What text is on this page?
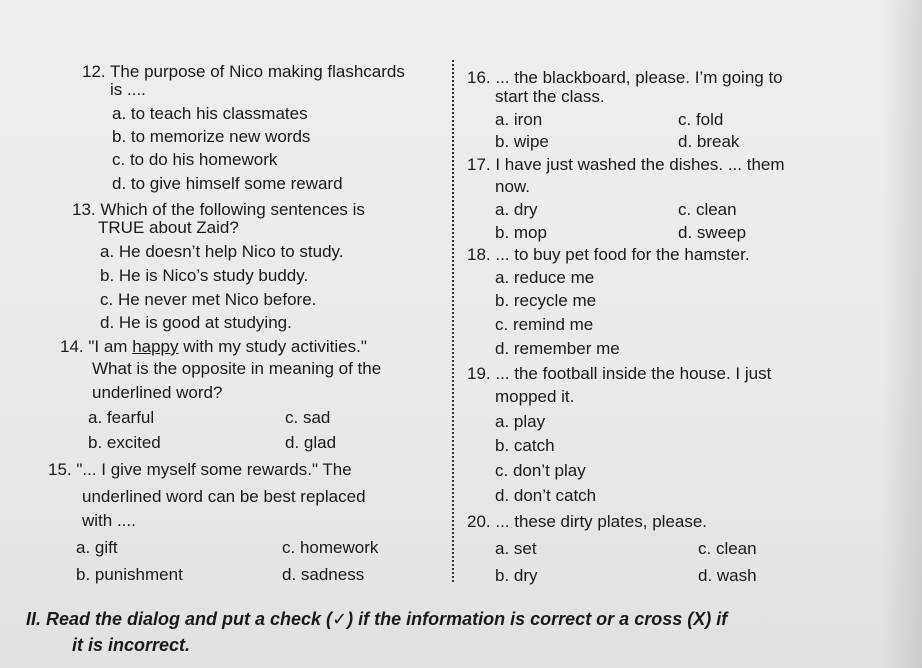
12. The purpose of Nico making flashcards
is ....
a. to teach his classmates
b. to memorize new words
c. to do his homework
d. to give himself some reward
13. Which of the following sentences is
TRUE about Zaid?
a. He doesn’t help Nico to study.
b. He is Nico’s study buddy.
c. He never met Nico before.
d. He is good at studying.
14. "I am happy with my study activities."
What is the opposite in meaning of the
underlined word?
a. fearful	c. sad
b. excited	d. glad
15. "... I give myself some rewards." The
underlined word can be best replaced
with ....
a. gift	c. homework
b. punishment	d. sadness
16. ... the blackboard, please. I’m going to
start the class.
a. iron	c. fold
b. wipe	d. break
17. I have just washed the dishes. ... them
now.
a. dry	c. clean
b. mop	d. sweep
18. ... to buy pet food for the hamster.
a. reduce me
b. recycle me
c. remind me
d. remember me
19. ... the football inside the house. I just
mopped it.
a. play
b. catch
c. don’t play
d. don’t catch
20. ... these dirty plates, please.
a. set	c. clean
b. dry	d. wash
II. Read the dialog and put a check (✓) if the information is correct or a cross (X) if
it is incorrect.
